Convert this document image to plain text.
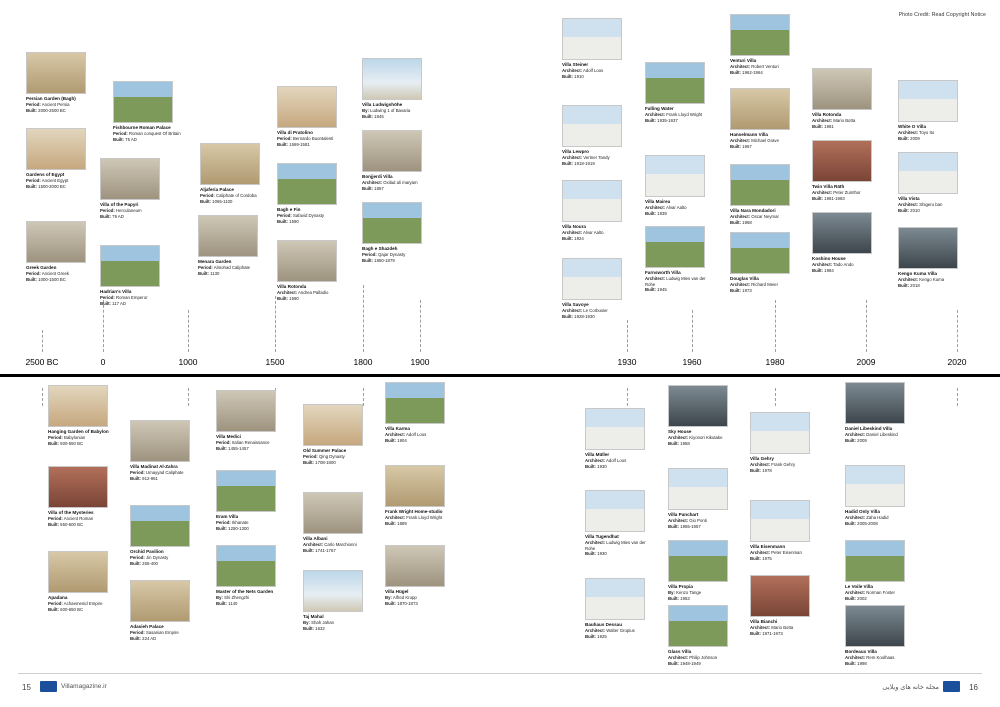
Photo Credit: Read Copyright Notice
Persian Garden (Bagh)
Period: Ancient Persia
Built: 2000-2500 BC
Gardens of Egypt
Period: Ancient Egypt
Built: 1500-2000 BC
Greek Garden
Period: Ancient Greek
Built: 1000-1500 BC
Fishbourne Roman Palace
Period: Roman conquest Of Britain
Built: 75 AD
Villa of the Papyri
Period: Herculaneum
Built: 79 AD
Hadrian's Villa
Period: Roman Emperor
Built: 117 AD
Aljaferia Palace
Period: Caliphate of Cordoba
Built: 1065-1100
Menara Garden
Period: Almohad Caliphate
Built: 1130
Villa di Pratolino
Period: Bernardo Buontalenti
Built: 1569-1581
Bagh e Fin
Period: Safavid Dynasty
Built: 1590
Villa Rotonda
Architect: Andrea Palladio
Built: 1590
Villa Ludwigshöhe
By: Ludwing 1 of Bavaria
Built: 1845
Bonjjerdi Villa
Architect: Oxilad ali maryam
Built: 1857
Bagh e Shazdeh
Period: Qajar Dynasty
Built: 1850-1879
Villa Steiner
Architect: Adolf Loos
Built: 1910
Villa Lewpro
Architect: Vertner Tandy
Built: 1918-1919
Villa Noura
Architect: Alvar Aalto
Built: 1924
Villa Savoye
Architect: Le Corbusier
Built: 1928-1930
Falling Water
Architect: Frank Lloyd Wright
Built: 1935-1937
Villa Mairea
Architect: Alvar Aalto
Built: 1939
Farnsworth Villa
Architect: Ludwig Mies van der Rohe
Built: 1945
Venturi Villa
Architect: Robert Venturi
Built: 1962-1964
Hanselmann Villa
Architect: Michael Grave
Built: 1967
Villa Nara Mondadori
Architect: Oscar Neymar
Built: 1968
Douglas Villa
Architect: Richard Meier
Built: 1973
Villa Rotonda
Architect: Mario Botta
Built: 1981
Twin Villa Räth
Architect: Peter Zumthor
Built: 1981-1983
Koshino House
Architect: Tado Ando
Built: 1984
White O Villa
Architect: Toyo Ito
Built: 2009
Villa Vista
Architect: Shigeru ban
Built: 2010
Kengo Kuma Villa
Architect: Kengo Kuma
Built: 2018
Hanging Garden of Babylon
Period: Babylonian
Built: 500-550 BC
Villa of the Mysteries
Period: Ancient Roman
Built: 550-600 BC
Apadana
Period: Achaemenid Empire
Built: 600-650 BC
Villa Madinat Al-Zahra
Period: Umayyad Caliphate
Built: 912-961
Orchid Pavilion
Period: Jin Dynasty
Built: 265-400
Adasieh Palace
Period: Sasanian Empire
Built: 224 AD
Villa Medici
Period: Italian Renaissance
Built: 1455-1457
Eram Villa
Period: Ikhanate
Built: 1250-1300
Master of the Nets Garden
By: Shi Zhengzhi
Built: 1140
Old Summer Palace
Period: Qing Dynasty
Built: 1708-1800
Villa Albani
Architect: Carlo Marchionni
Built: 1741-1767
Taj Mahal
By: Shah Jahan
Built: 1632
Villa Karma
Architect: Adolf Loos
Built: 1904
Frank Wright Home-studio
Architect: Frank Lloyd Wright
Built: 1889
Villa Hügel
By: Alfred Krupp
Built: 1870-1873
Villa Müller
Architect: Adolf Loos
Built: 1930
Villa Tugendhat
Architect: Ludwig Mies van der Rohe
Built: 1930
Bauhaus Dessau
Architect: Walter Gropius
Built: 1925
Sky House
Architect: Kiyonori Kikutake
Built: 1958
Villa Panchart
Architect: Gio Ponti
Built: 1955-1957
Villa Propia
By: Kenzo Tange
Built: 1953
Glass Villa
Architect: Philip Johnson
Built: 1948-1949
Villa Gehry
Architect: Frank Gehry
Built: 1978
Villa Eisenmann
Architect: Peter Eisenman
Built: 1975
Villa Bianchi
Architect: Mario Botta
Built: 1971-1973
Daniel Libeskind Villa
Architect: Daniel Libeskind
Built: 2009
Hadid Only Villa
Architect: Zaha Hadid
Built: 2005-2008
Le Voile Villa
Architect: Norman Foster
Built: 2002
Bordeaux Villa
Architect: Rem Koolhaas
Built: 1998
2500 BC	0	1000	1500	1800	1900	1930	1960	1980	2009	2020
15	16
Villamagazine.ir	مجله خانه های ویلایی
